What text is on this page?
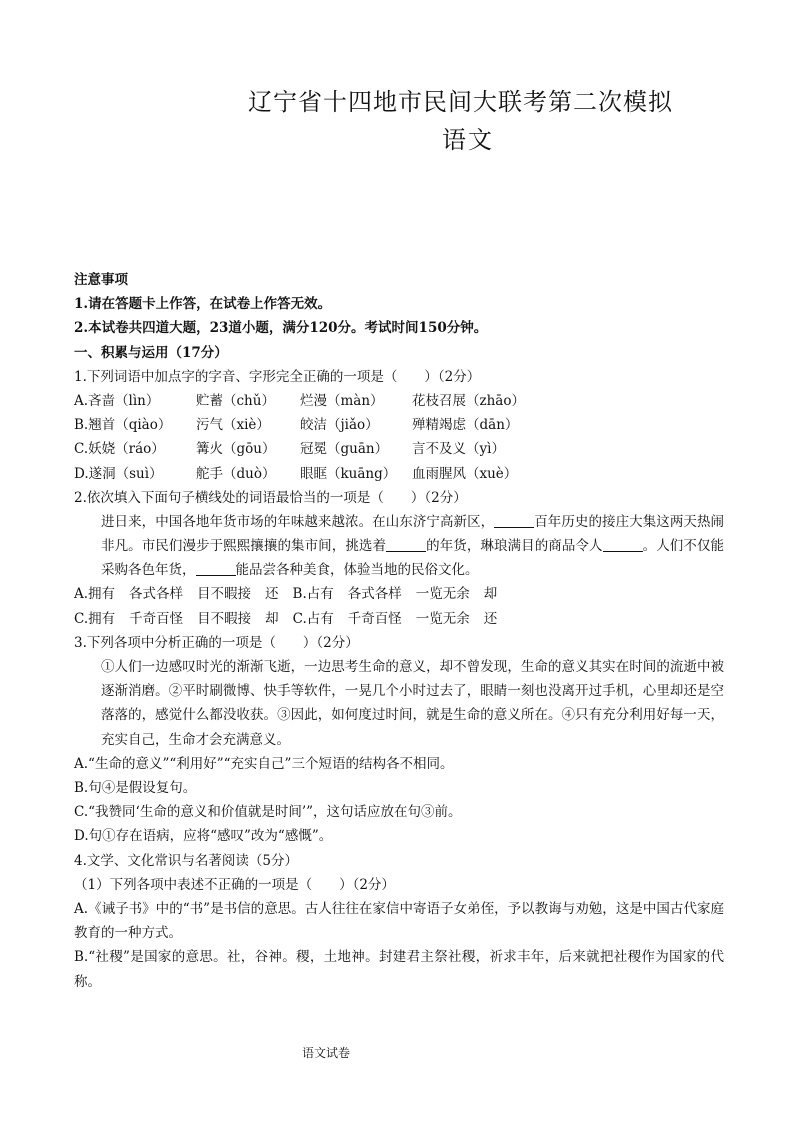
辽宁省十四地市民间大联考第二次模拟
语文
注意事项
1.请在答题卡上作答，在试卷上作答无效。
2.本试卷共四道大题，23道小题，满分120分。考试时间150分钟。
一、积累与运用（17分）
1.下列词语中加点字的字音、字形完全正确的一项是（　　）（2分）
A.吝啬（lìn）	贮蓄（chǔ）	烂漫（màn）	花枝召展（zhāo）
B.翘首（qiào）	污气（xiè）	皎洁（jiǎo）	殚精竭虑（dān）
C.妖娆（ráo）	篝火（gōu）	冠冕（guān）	言不及义（yì）
D.遂洞（suì）	舵手（duò）	眼眶（kuāng）	血雨腥风（xuè）
2.依次填入下面句子横线处的词语最恰当的一项是（　　）（2分）
进日来，中国各地年货市场的年味越来越浓。在山东济宁高新区，	百年历史的接庄大集这两天热闹非凡。市民们漫步于熙熙攘攘的集市间，挑选着	的年货，琳琅满目的商品令人	。人们不仅能采购各色年货，	能品尝各种美食，体验当地的民俗文化。
A.拥有 各式各样 目不暇接 还 B.占有 各式各样 一览无余 却
C.拥有 千奇百怪 目不暇接 却 C.占有 千奇百怪 一览无余 还
3.下列各项中分析正确的一项是（　　）（2分）
①人们一边感叹时光的渐渐飞逝，一边思考生命的意义，却不曾发现，生命的意义其实在时间的流逝中被逐渐消磨。②平时刷微博、快手等软件，一晃几个小时过去了，眼睛一刻也没离开过手机，心里却还是空落落的，感觉什么都没收获。③因此，如何度过时间，就是生命的意义所在。④只有充分利用好每一天，充实自己，生命才会充满意义。
A.“生命的意义”“利用好”“充实自己”三个短语的结构各不相同。
B.句④是假设复句。
C.“我赞同‘生命的意义和价值就是时间’”，这句话应放在句③前。
D.句①存在语病，应将“感叹”改为“感慨”。
4.文学、文化常识与名著阅读（5分）
（1）下列各项中表述不正确的一项是（　　）（2分）
A.《诫子书》中的“书”是书信的意思。古人往往在家信中寄语子女弟侄，予以教诲与劝勉，这是中国古代家庭教育的一种方式。
B.“社稷”是国家的意思。社，谷神。稷，土地神。封建君主祭社稷，祈求丰年，后来就把社稷作为国家的代称。
语文试卷
